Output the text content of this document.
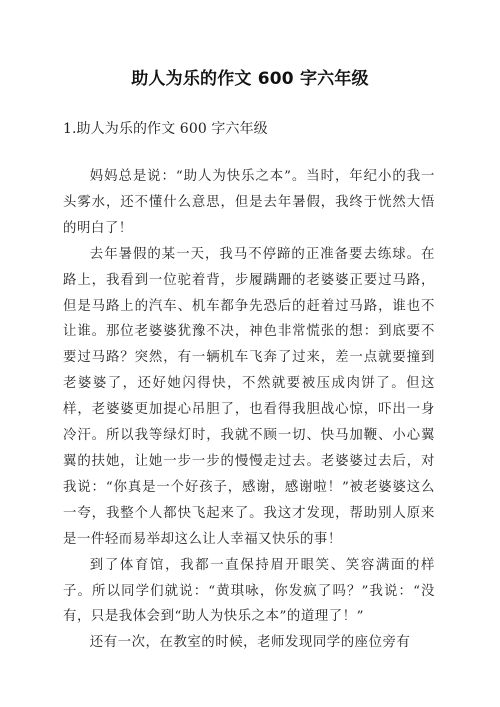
助人为乐的作文 600 字六年级
1.助人为乐的作文 600 字六年级

妈妈总是说：“助人为快乐之本”。当时，年纪小的我一头雾水，还不懂什么意思，但是去年暑假，我终于恍然大悟的明白了！

去年暑假的某一天，我马不停蹄的正准备要去练球。在路上，我看到一位驼着背，步履蹒跚的老婆婆正要过马路，但是马路上的汽车、机车都争先恐后的赶着过马路，谁也不让谁。那位老婆婆犹豫不决，神色非常慌张的想：到底要不要过马路？突然，有一辆机车飞奔了过来，差一点就要撞到老婆婆了，还好她闪得快，不然就要被压成肉饼了。但这样，老婆婆更加提心吊胆了，也看得我胆战心惊，吓出一身冷汗。所以我等绿灯时，我就不顾一切、快马加鞭、小心翼翼的扶她，让她一步一步的慢慢走过去。老婆婆过去后，对我说：“你真是一个好孩子，感谢，感谢啦！”被老婆婆这么一夸，我整个人都快飞起来了。我这才发现，帮助别人原来是一件轻而易举却这么让人幸福又快乐的事！

到了体育馆，我都一直保持眉开眼笑、笑容满面的样子。所以同学们就说：“黄琪咏，你发疯了吗？”我说：“没有，只是我体会到“助人为快乐之本”的道理了！”

还有一次，在教室的时候，老师发现同学的座位旁有
